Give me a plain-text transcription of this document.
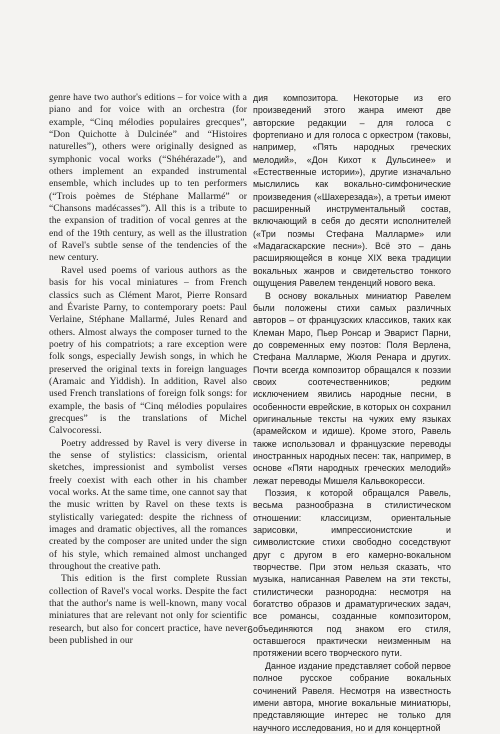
genre have two author's editions – for voice with a piano and for voice with an orchestra (for example, “Cinq mélodies populaires grecques”, “Don Quichotte à Dulcinée” and “Histoires naturelles”), others were originally designed as symphonic vocal works (“Shéhérazade”), and others implement an expanded instrumental ensemble, which includes up to ten performers (“Trois poèmes de Stéphane Mallarmé” or “Chansons madécasses”). All this is a tribute to the expansion of tradition of vocal genres at the end of the 19th century, as well as the illustration of Ravel's subtle sense of the tendencies of the new century.

Ravel used poems of various authors as the basis for his vocal miniatures – from French classics such as Clément Marot, Pierre Ronsard and Évariste Parny, to contemporary poets: Paul Verlaine, Stéphane Mallarmé, Jules Renard and others. Almost always the composer turned to the poetry of his compatriots; a rare exception were folk songs, especially Jewish songs, in which he preserved the original texts in foreign languages (Aramaic and Yiddish). In addition, Ravel also used French translations of foreign folk songs: for example, the basis of “Cinq mélodies populaires grecques” is the translations of Michel Calvocoressi.

Poetry addressed by Ravel is very diverse in the sense of stylistics: classicism, oriental sketches, impressionist and symbolist verses freely coexist with each other in his chamber vocal works. At the same time, one cannot say that the music written by Ravel on these texts is stylistically variegated: despite the richness of images and dramatic objectives, all the romances created by the composer are united under the sign of his style, which remained almost unchanged throughout the creative path.

This edition is the first complete Russian collection of Ravel's vocal works. Despite the fact that the author's name is well-known, many vocal miniatures that are relevant not only for scientific research, but also for concert practice, have never been published in our

дия композитора. Некоторые из его произведений этого жанра имеют две авторские редакции – для голоса с фортепиано и для голоса с оркестром (таковы, например, «Пять народных греческих мелодий», «Дон Кихот к Дульсинее» и «Естественные истории»), другие изначально мыслились как вокально-симфонические произведения («Шахерезада»), а третьи имеют расширенный инструментальный состав, включающий в себя до десяти исполнителей («Три поэмы Стефана Малларме» или «Мадагаскарские песни»). Всё это – дань расширяющейся в конце XIX века традиции вокальных жанров и свидетельство тонкого ощущения Равелем тенденций нового века.

В основу вокальных миниатюр Равелем были положены стихи самых различных авторов – от французских классиков, таких как Клеман Маро, Пьер Ронсар и Эварист Парни, до современных ему поэтов: Поля Верлена, Стефана Малларме, Жюля Ренара и других. Почти всегда композитор обращался к поэзии своих соотечественников; редким исключением явились народные песни, в особенности еврейские, в которых он сохранил оригинальные тексты на чужих ему языках (арамейском и идише). Кроме этого, Равель также использовал и французские переводы иностранных народных песен: так, например, в основе «Пяти народных греческих мелодий» лежат переводы Мишеля Кальвокоресси.

Поэзия, к которой обращался Равель, весьма разнообразна в стилистическом отношении: классицизм, ориентальные зарисовки, импрессионистские и символистские стихи свободно соседствуют друг с другом в его камерно-вокальном творчестве. При этом нельзя сказать, что музыка, написанная Равелем на эти тексты, стилистически разнородна: несмотря на богатство образов и драматургических задач, все романсы, созданные композитором, объединяются под знаком его стиля, оставшегося практически неизменным на протяжении всего творческого пути.

Данное издание представляет собой первое полное русское собрание вокальных сочинений Равеля. Несмотря на известность имени автора, многие вокальные миниатюры, представляющие интерес не только для научного исследования, но и для концертной

6
